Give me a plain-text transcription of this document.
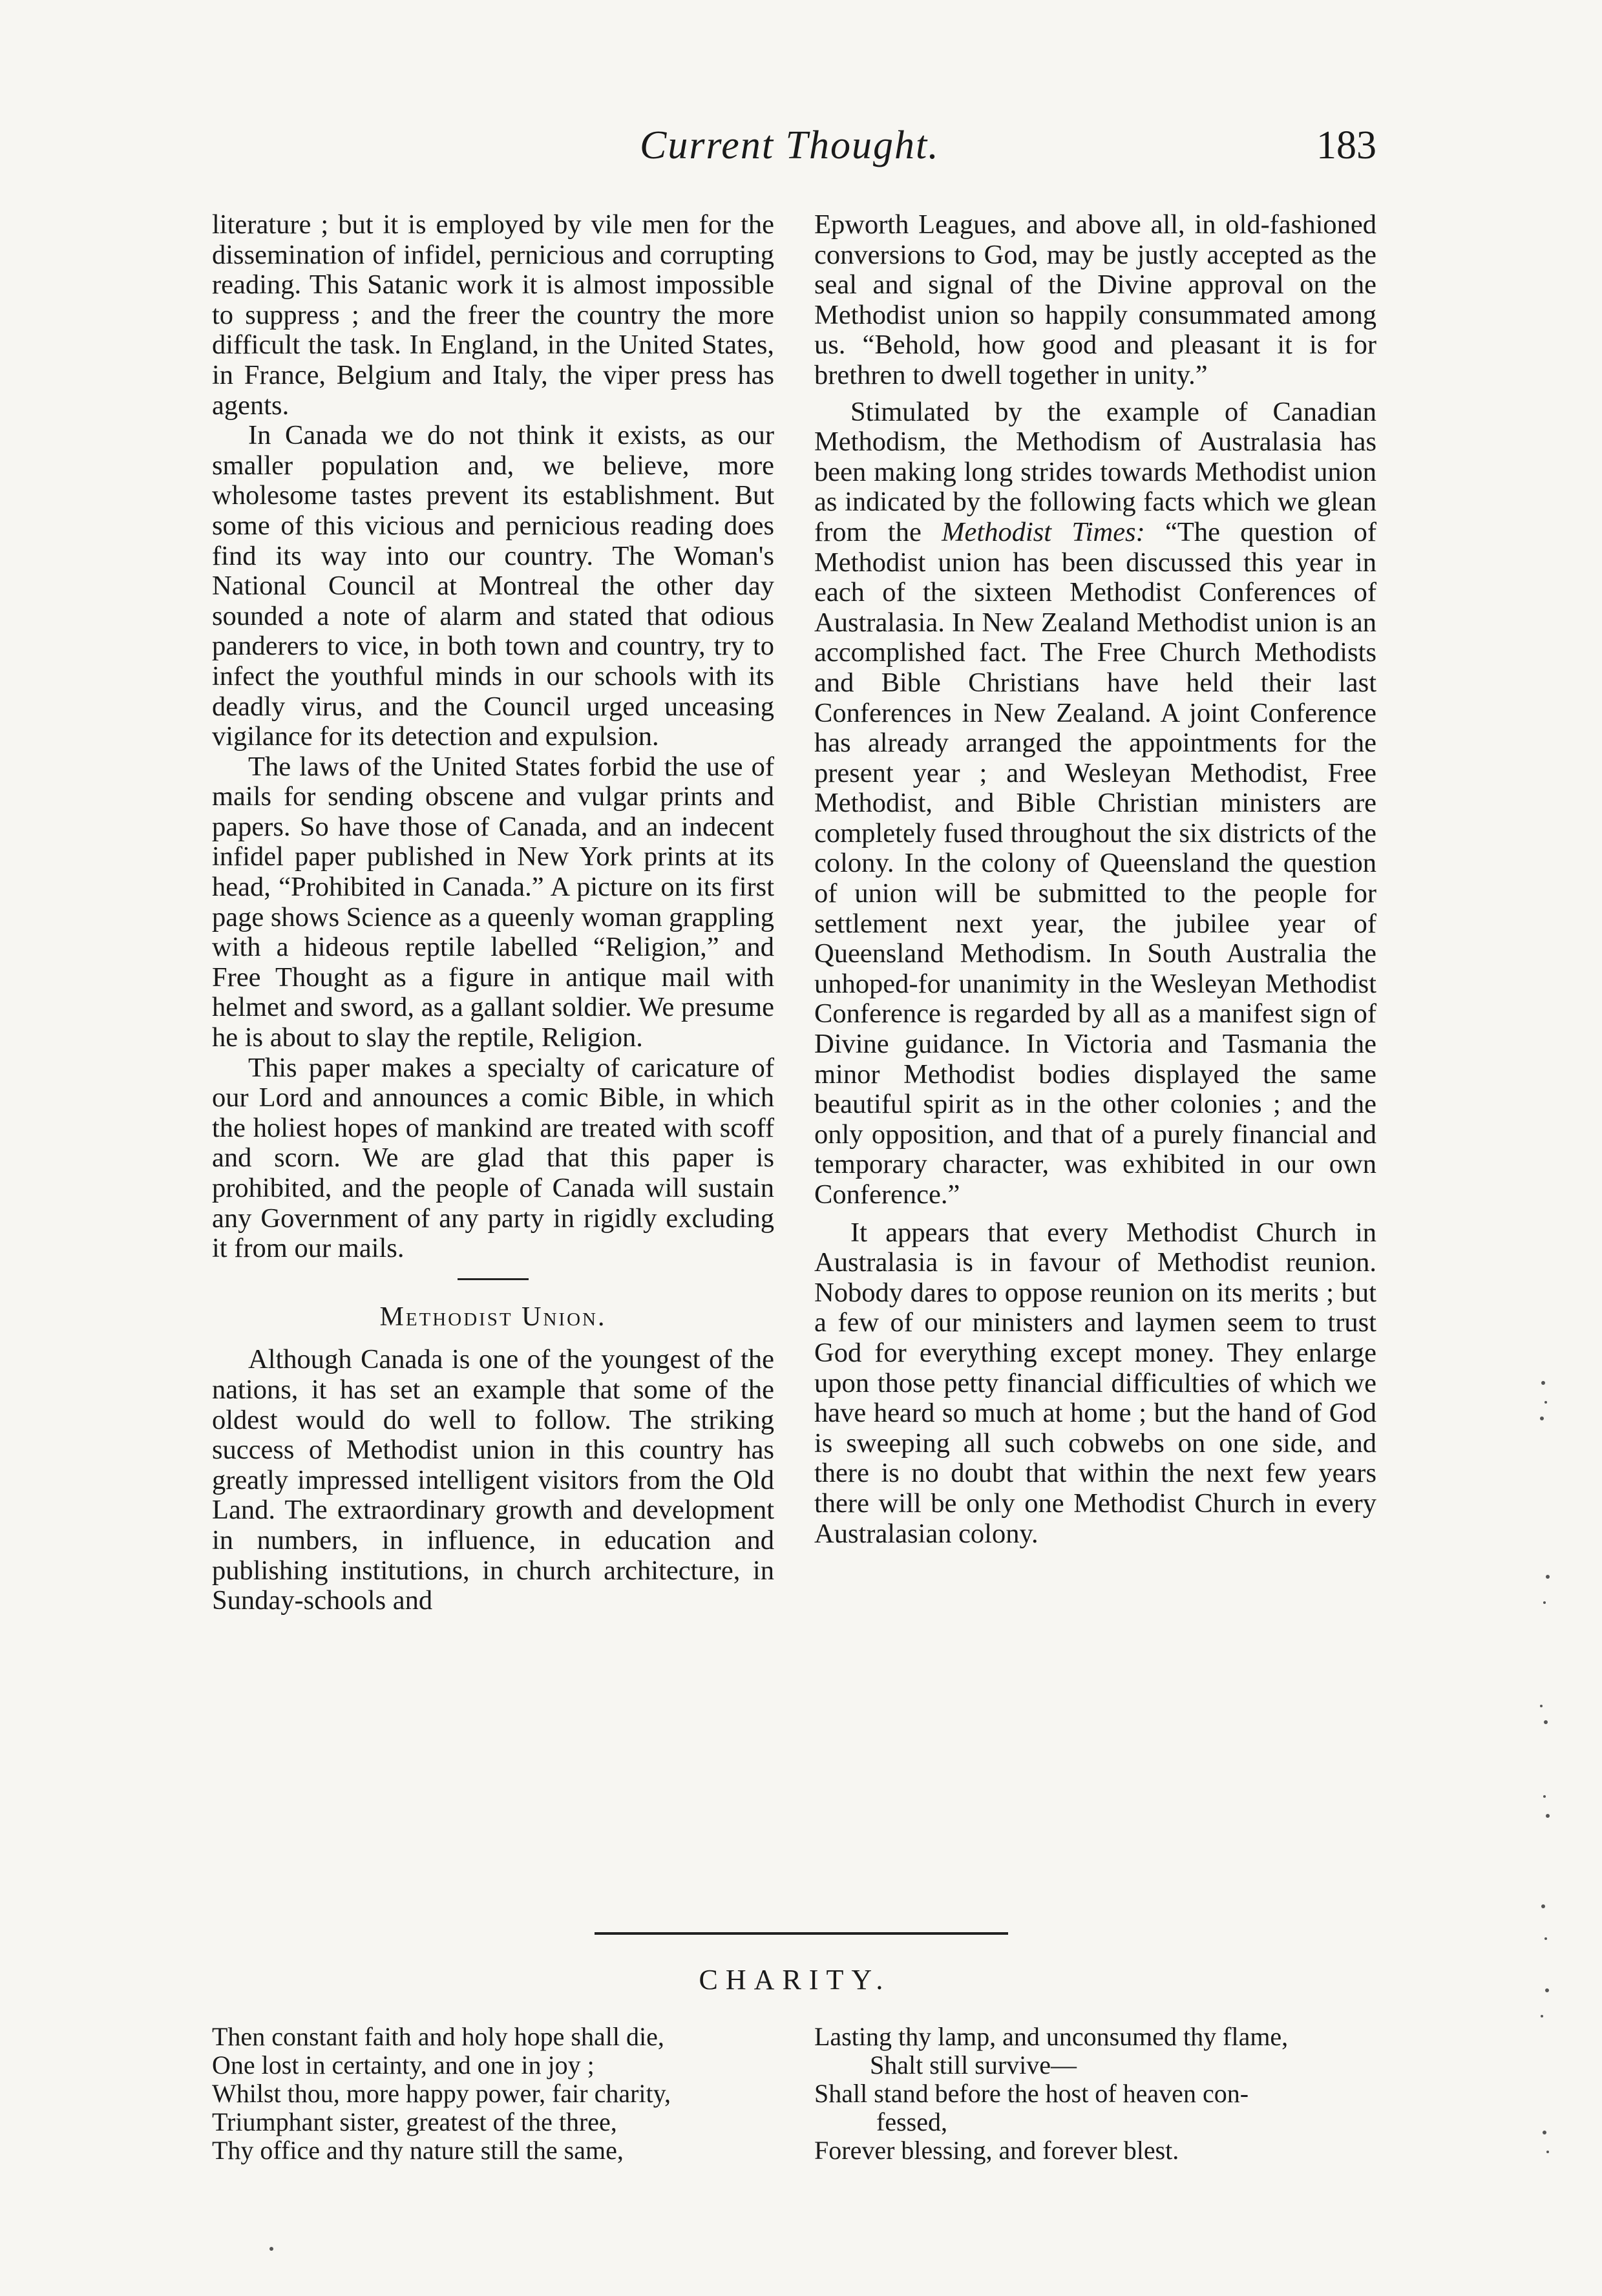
Current Thought.	183

literature ; but it is employed by vile men for the dissemination of infidel, pernicious and corrupting reading. This Satanic work it is almost impossible to suppress ; and the freer the country the more difficult the task. In England, in the United States, in France, Belgium and Italy, the viper press has agents.

In Canada we do not think it exists, as our smaller population and, we believe, more wholesome tastes prevent its establishment. But some of this vicious and pernicious reading does find its way into our country. The Woman's National Council at Montreal the other day sounded a note of alarm and stated that odious panderers to vice, in both town and country, try to infect the youthful minds in our schools with its deadly virus, and the Council urged unceasing vigilance for its detection and expulsion.

The laws of the United States forbid the use of mails for sending obscene and vulgar prints and papers. So have those of Canada, and an indecent infidel paper published in New York prints at its head, “Prohibited in Canada.” A picture on its first page shows Science as a queenly woman grappling with a hideous reptile labelled “Religion,” and Free Thought as a figure in antique mail with helmet and sword, as a gallant soldier. We presume he is about to slay the reptile, Religion.

This paper makes a specialty of caricature of our Lord and announces a comic Bible, in which the holiest hopes of mankind are treated with scoff and scorn. We are glad that this paper is prohibited, and the people of Canada will sustain any Government of any party in rigidly excluding it from our mails.

Methodist Union.

Although Canada is one of the youngest of the nations, it has set an example that some of the oldest would do well to follow. The striking success of Methodist union in this country has greatly impressed intelligent visitors from the Old Land. The extraordinary growth and development in numbers, in influence, in education and publishing institutions, in church architecture, in Sunday-schools and

Epworth Leagues, and above all, in old-fashioned conversions to God, may be justly accepted as the seal and signal of the Divine approval on the Methodist union so happily consummated among us. “Behold, how good and pleasant it is for brethren to dwell together in unity.”

Stimulated by the example of Canadian Methodism, the Methodism of Australasia has been making long strides towards Methodist union as indicated by the following facts which we glean from the Methodist Times: “The question of Methodist union has been discussed this year in each of the sixteen Methodist Conferences of Australasia. In New Zealand Methodist union is an accomplished fact. The Free Church Methodists and Bible Christians have held their last Conferences in New Zealand. A joint Conference has already arranged the appointments for the present year ; and Wesleyan Methodist, Free Methodist, and Bible Christian ministers are completely fused throughout the six districts of the colony. In the colony of Queensland the question of union will be submitted to the people for settlement next year, the jubilee year of Queensland Methodism. In South Australia the unhoped-for unanimity in the Wesleyan Methodist Conference is regarded by all as a manifest sign of Divine guidance. In Victoria and Tasmania the minor Methodist bodies displayed the same beautiful spirit as in the other colonies ; and the only opposition, and that of a purely financial and temporary character, was exhibited in our own Conference.”

It appears that every Methodist Church in Australasia is in favour of Methodist reunion. Nobody dares to oppose reunion on its merits ; but a few of our ministers and laymen seem to trust God for everything except money. They enlarge upon those petty financial difficulties of which we have heard so much at home ; but the hand of God is sweeping all such cobwebs on one side, and there is no doubt that within the next few years there will be only one Methodist Church in every Australasian colony.

CHARITY.
Then constant faith and holy hope shall die,
One lost in certainty, and one in joy ;
Whilst thou, more happy power, fair charity,
Triumphant sister, greatest of the three,
Thy office and thy nature still the same,
Lasting thy lamp, and unconsumed thy flame,
Shalt still survive—
Shall stand before the host of heaven con-
fessed,
Forever blessing, and forever blest.
